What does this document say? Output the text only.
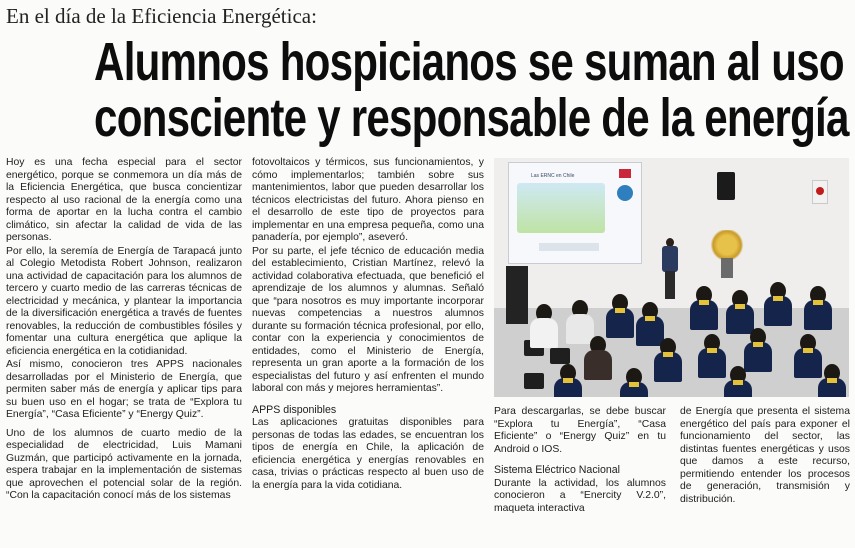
En el día de la Eficiencia Energética:
Alumnos hospicianos se suman al uso
consciente y responsable de la energía

Hoy es una fecha especial para el sector energético, porque se conmemora un día más de la Eficiencia Energética, que busca concientizar respecto al uso racional de la energía como una forma de aportar en la lucha contra el cambio climático, sin afectar la calidad de vida de las personas.

Por ello, la seremía de Energía de Tarapacá junto al Colegio Metodista Robert Johnson, realizaron una actividad de capacitación para los alumnos de tercero y cuarto medio de las carreras técnicas de electricidad y mecánica, y plantear la importancia de la diversificación energética a través de fuentes renovables, la reducción de combustibles fósiles y fomentar una cultura energética que aplique la eficiencia energética en la cotidianidad.

Así mismo, conocieron tres APPS nacionales desarrolladas por el Ministerio de Energía, que permiten saber más de energía y aplicar tips para su buen uso en el hogar; se trata de “Explora tu Energía”, “Casa Eficiente” y “Energy Quiz”.

Uno de los alumnos de cuarto medio de la especialidad de electricidad, Luis Mamani Guzmán, que participó activamente en la jornada, espera trabajar en la implementación de sistemas que aprovechen el potencial solar de la región. “Con la capacitación conocí más de los sistemas

fotovoltaicos y térmicos, sus funcionamientos, y cómo implementarlos; también sobre sus mantenimientos, labor que pueden desarrollar los técnicos electricistas del futuro. Ahora pienso en el desarrollo de este tipo de proyectos para implementar en una empresa pequeña, como una panadería, por ejemplo”, aseveró.

Por su parte, el jefe técnico de educación media del establecimiento, Cristian Martínez, relevó la actividad colaborativa efectuada, que benefició el aprendizaje de los alumnos y alumnas. Señaló que “para nosotros es muy importante incorporar nuevas competencias a nuestros alumnos durante su formación técnica profesional, por ello, contar con la experiencia y conocimientos de entidades, como el Ministerio de Energía, representa un gran aporte a la formación de los especialistas del futuro y así enfrenten el mundo laboral con más y mejores herramientas”.

APPS disponibles

Las aplicaciones gratuitas disponibles para personas de todas las edades, se encuentran los tipos de energía en Chile, la aplicación de eficiencia energética y energías renovables en casa, trivias o prácticas respecto al buen uso de la energía para la vida cotidiana.

Las ERNC en Chile

Para descargarlas, se debe buscar “Explora tu Energía”, “Casa Eficiente” o “Energy Quiz” en tu Android o IOS.

Sistema Eléctrico Nacional

Durante la actividad, los alumnos conocieron a “Enercity V.2.0”, maqueta interactiva

de Energía que presenta el sistema energético del país para exponer el funcionamiento del sector, las distintas fuentes energéticas y usos que damos a este recurso, permitiendo entender los procesos de generación, transmisión y distribución.
